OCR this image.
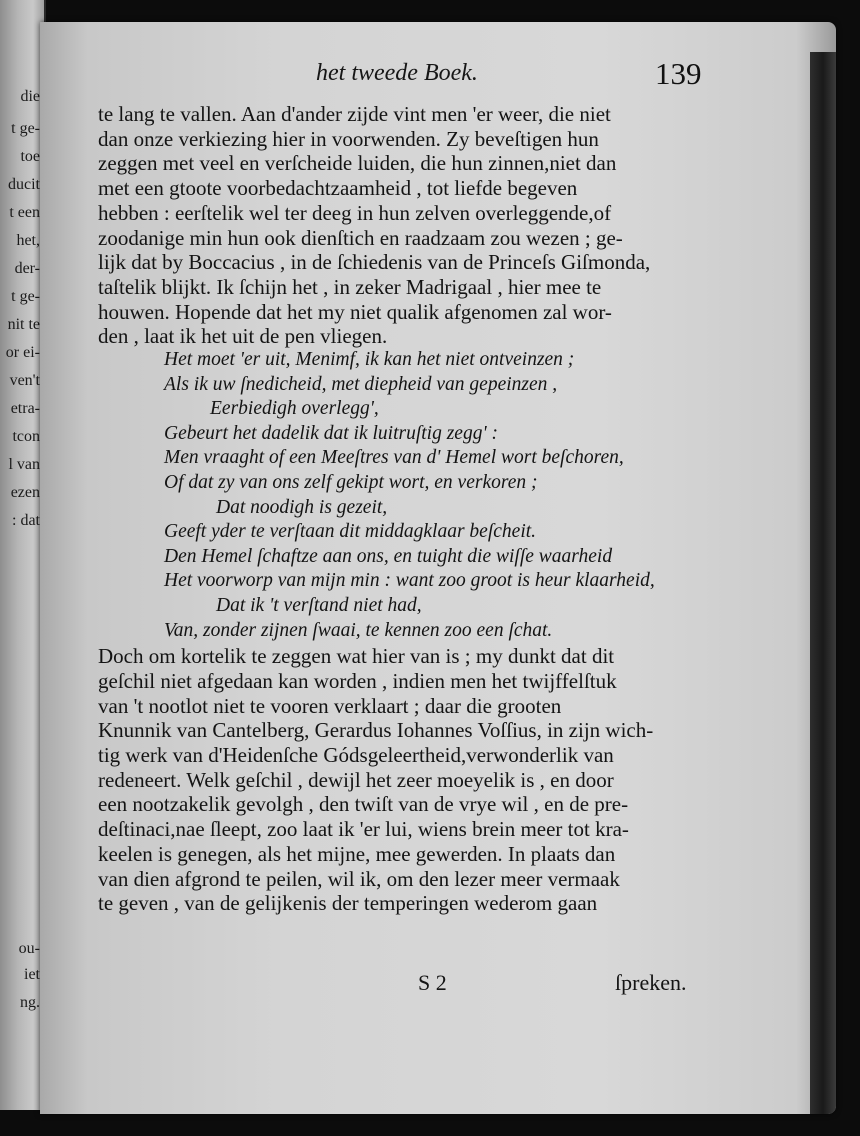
die
t ge-
toe
ducit
t een
het,
der-
t ge-
nit te
or ei-
ven't
etra-
tcon
l van
ezen
: dat
ou-
iet
ng.
het tweede Boek.	139
te lang te vallen. Aan d'ander zijde vint men 'er weer, die niet
dan onze verkiezing hier in voorwenden. Zy beveſtigen hun
zeggen met veel en verſcheide luiden, die hun zinnen,niet dan
met een gtoote voorbedachtzaamheid , tot liefde begeven
hebben : eerſtelik wel ter deeg in hun zelven overleggende,of
zoodanige min hun ook dienſtich en raadzaam zou wezen ; ge-
lijk dat by Boccacius , in de ſchiedenis van de Princeſs Giſmonda,
taſtelik blijkt. Ik ſchijn het , in zeker Madrigaal , hier mee te
houwen. Hopende dat het my niet qualik afgenomen zal wor-
den , laat ik het uit de pen vliegen.
Het moet 'er uit, Menimf, ik kan het niet ontveinzen ;
Als ik uw ſnedicheid, met diepheid van gepeinzen ,
Eerbiedigh overlegg',
Gebeurt het dadelik dat ik luitruſtig zegg' :
Men vraaght of een Meeſtres van d' Hemel wort beſchoren,
Of dat zy van ons zelf gekipt wort, en verkoren ;
Dat noodigh is gezeit,
Geeft yder te verſtaan dit middagklaar beſcheit.
Den Hemel ſchaftze aan ons, en tuight die wiſſe waarheid
Het voorworp van mijn min : want zoo groot is heur klaarheid,
Dat ik 't verſtand niet had,
Van, zonder zijnen ſwaai, te kennen zoo een ſchat.
Doch om kortelik te zeggen wat hier van is ; my dunkt dat dit
geſchil niet afgedaan kan worden , indien men het twijffelſtuk
van 't nootlot niet te vooren verklaart ; daar die grooten
Knunnik van Cantelberg, Gerardus Iohannes Voſſius, in zijn wich-
tig werk van d'Heidenſche Gódsgeleertheid,verwonderlik van
redeneert. Welk geſchil , dewijl het zeer moeyelik is , en door
een nootzakelik gevolgh , den twiſt van de vrye wil , en de pre-
deſtinaci,nae ſleept, zoo laat ik 'er lui, wiens brein meer tot kra-
keelen is genegen, als het mijne, mee gewerden. In plaats dan
van dien afgrond te peilen, wil ik, om den lezer meer vermaak
te geven , van de gelijkenis der temperingen wederom gaan
S 2	ſpreken.
